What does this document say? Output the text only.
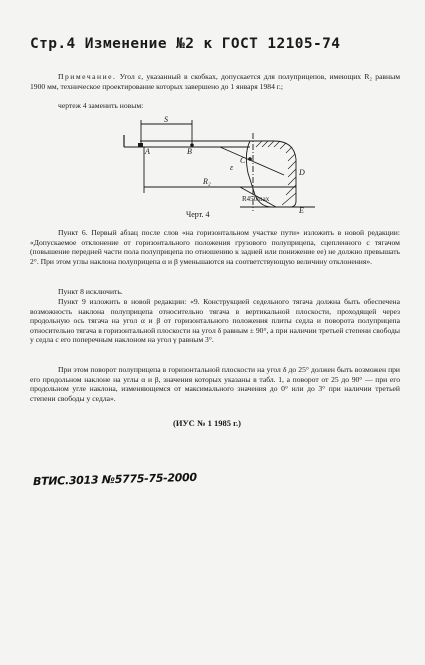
Стр.4 Изменение №2 к ГОСТ 12105-74
Примечание. Угол ε, указанный в скобках, допускается для полуприцепов, имеющих R₂ равным 1900 мм, техническое проектирование которых завершено до 1 января 1984 г.;
чертеж 4 заменить новым:
S
A	B
C
ε
D
E
R₂
R450max
Черт. 4
Пункт 6. Первый абзац после слов «на горизонтальном участке пути» изложить в новой редакции: «Допускаемое отклонение от горизонтального положения грузового полуприцепа, сцепленного с тягачом (повышение передней части пола полуприцепа по отношению к задней или понижение ее) не должно превышать 2°. При этом углы наклона полуприцепа α и β уменьшаются на соответствующую величину отклонения».
Пункт 8 исключить.
Пункт 9 изложить в новой редакции: «9. Конструкцией седельного тягача должна быть обеспечена возможность наклона полуприцепа относительно тягача в вертикальной плоскости, проходящей через продольную ось тягача на угол α и β от горизонтального положения плиты седла и поворота полуприцепа относительно тягача в горизонтальной плоскости на угол δ равным ± 90°, а при наличии третьей степени свободы у седла с его поперечным наклоном на угол γ равным 3°.
При этом поворот полуприцепа в горизонтальной плоскости на угол δ до 25° должен быть возможен при его продольном наклоне на углы α и β, значения которых указаны в табл. 1, а поворот от 25 до 90° — при его продольном угле наклона, изменяющемся от максимального значения до 0° или до 3° при наличии третьей степени свободы у седла».
(ИУС № 1 1985 г.)
ВТИС.3013 №5775-75-2000
